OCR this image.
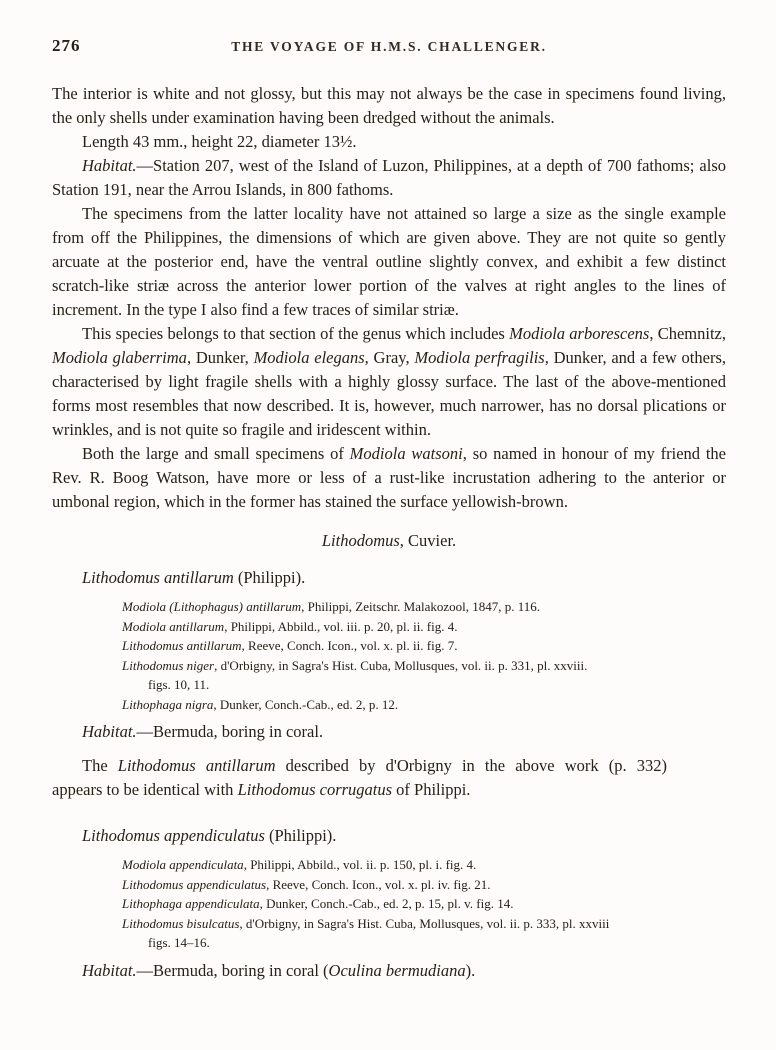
276	THE VOYAGE OF H.M.S. CHALLENGER.

The interior is white and not glossy, but this may not always be the case in specimens found living, the only shells under examination having been dredged without the animals.

Length 43 mm., height 22, diameter 13½.

Habitat.—Station 207, west of the Island of Luzon, Philippines, at a depth of 700 fathoms; also Station 191, near the Arrou Islands, in 800 fathoms.

The specimens from the latter locality have not attained so large a size as the single example from off the Philippines, the dimensions of which are given above. They are not quite so gently arcuate at the posterior end, have the ventral outline slightly convex, and exhibit a few distinct scratch-like striæ across the anterior lower portion of the valves at right angles to the lines of increment. In the type I also find a few traces of similar striæ.

This species belongs to that section of the genus which includes Modiola arborescens, Chemnitz, Modiola glaberrima, Dunker, Modiola elegans, Gray, Modiola perfragilis, Dunker, and a few others, characterised by light fragile shells with a highly glossy surface. The last of the above-mentioned forms most resembles that now described. It is, however, much narrower, has no dorsal plications or wrinkles, and is not quite so fragile and iridescent within.

Both the large and small specimens of Modiola watsoni, so named in honour of my friend the Rev. R. Boog Watson, have more or less of a rust-like incrustation adhering to the anterior or umbonal region, which in the former has stained the surface yellowish-brown.

Lithodomus, Cuvier.

Lithodomus antillarum (Philippi).

Modiola (Lithophagus) antillarum, Philippi, Zeitschr. Malakozool, 1847, p. 116.

Modiola antillarum, Philippi, Abbild., vol. iii. p. 20, pl. ii. fig. 4.

Lithodomus antillarum, Reeve, Conch. Icon., vol. x. pl. ii. fig. 7.

Lithodomus niger, d'Orbigny, in Sagra's Hist. Cuba, Mollusques, vol. ii. p. 331, pl. xxviii.
figs. 10, 11.

Lithophaga nigra, Dunker, Conch.-Cab., ed. 2, p. 12.

Habitat.—Bermuda, boring in coral.

The Lithodomus antillarum described by d'Orbigny in the above work (p. 332)
appears to be identical with Lithodomus corrugatus of Philippi.

Lithodomus appendiculatus (Philippi).

Modiola appendiculata, Philippi, Abbild., vol. ii. p. 150, pl. i. fig. 4.

Lithodomus appendiculatus, Reeve, Conch. Icon., vol. x. pl. iv. fig. 21.

Lithophaga appendiculata, Dunker, Conch.-Cab., ed. 2, p. 15, pl. v. fig. 14.

Lithodomus bisulcatus, d'Orbigny, in Sagra's Hist. Cuba, Mollusques, vol. ii. p. 333, pl. xxviii
figs. 14–16.

Habitat.—Bermuda, boring in coral (Oculina bermudiana).
